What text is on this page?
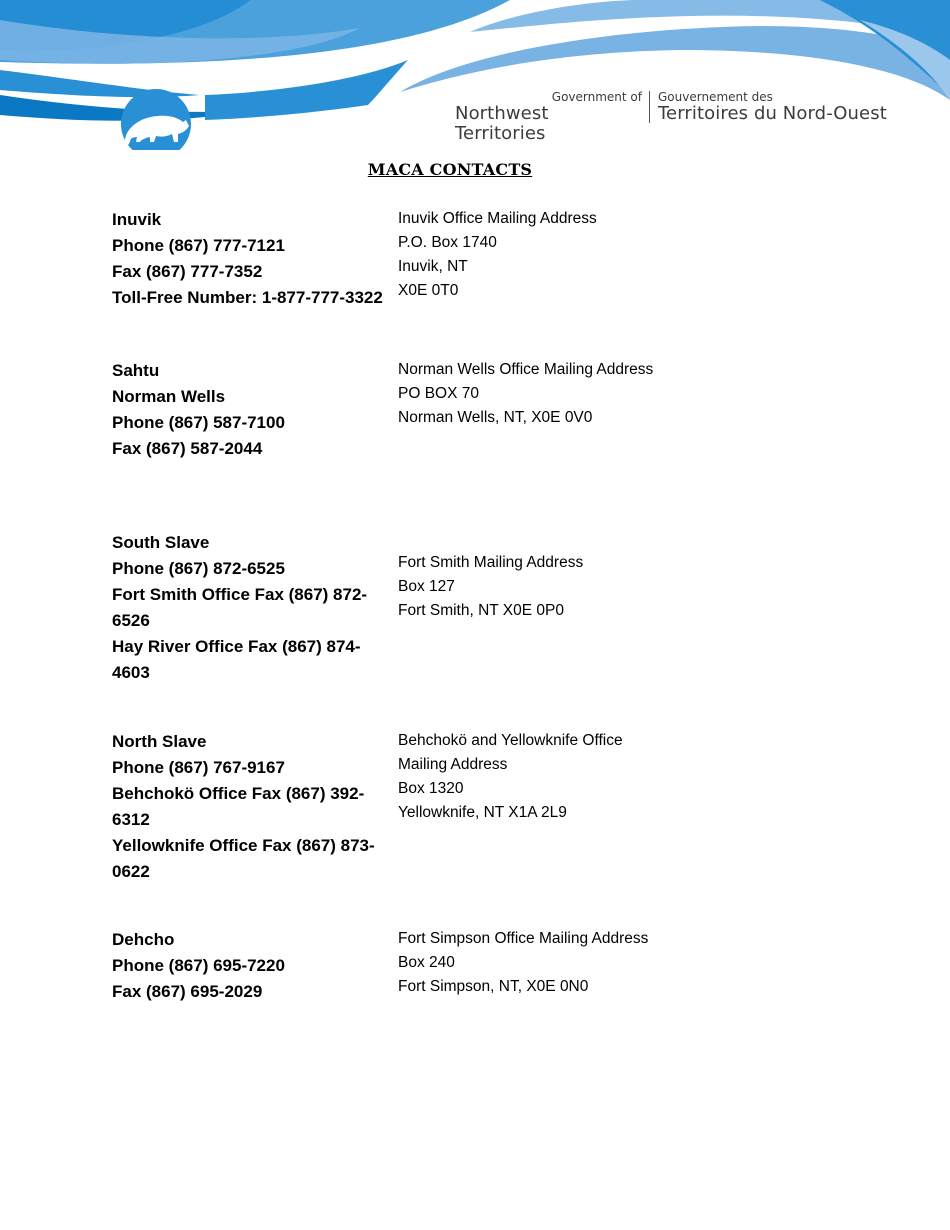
Government of
Northwest Territories
Gouvernement des
Territoires du Nord-Ouest
MACA CONTACTS
Inuvik
Phone (867) 777-7121
Fax (867) 777-7352
Toll-Free Number: 1-877-777-3322
Inuvik Office Mailing Address
P.O. Box 1740
Inuvik, NT
X0E 0T0
Sahtu
Norman Wells
Phone (867) 587-7100
Fax (867) 587-2044
Norman Wells Office Mailing Address
PO BOX 70
Norman Wells, NT, X0E 0V0
South Slave
Phone (867) 872-6525
Fort Smith Office Fax (867) 872-6526
Hay River Office Fax (867) 874-4603
Fort Smith Mailing Address
Box 127
Fort Smith, NT X0E 0P0
North Slave
Phone (867) 767-9167
Behchokö Office Fax (867) 392-6312
Yellowknife Office Fax (867) 873-0622
Behchokö and Yellowknife Office Mailing Address
Box 1320
Yellowknife, NT X1A 2L9
Dehcho
Phone (867) 695-7220
Fax (867) 695-2029
Fort Simpson Office Mailing Address
Box 240
Fort Simpson, NT, X0E 0N0
